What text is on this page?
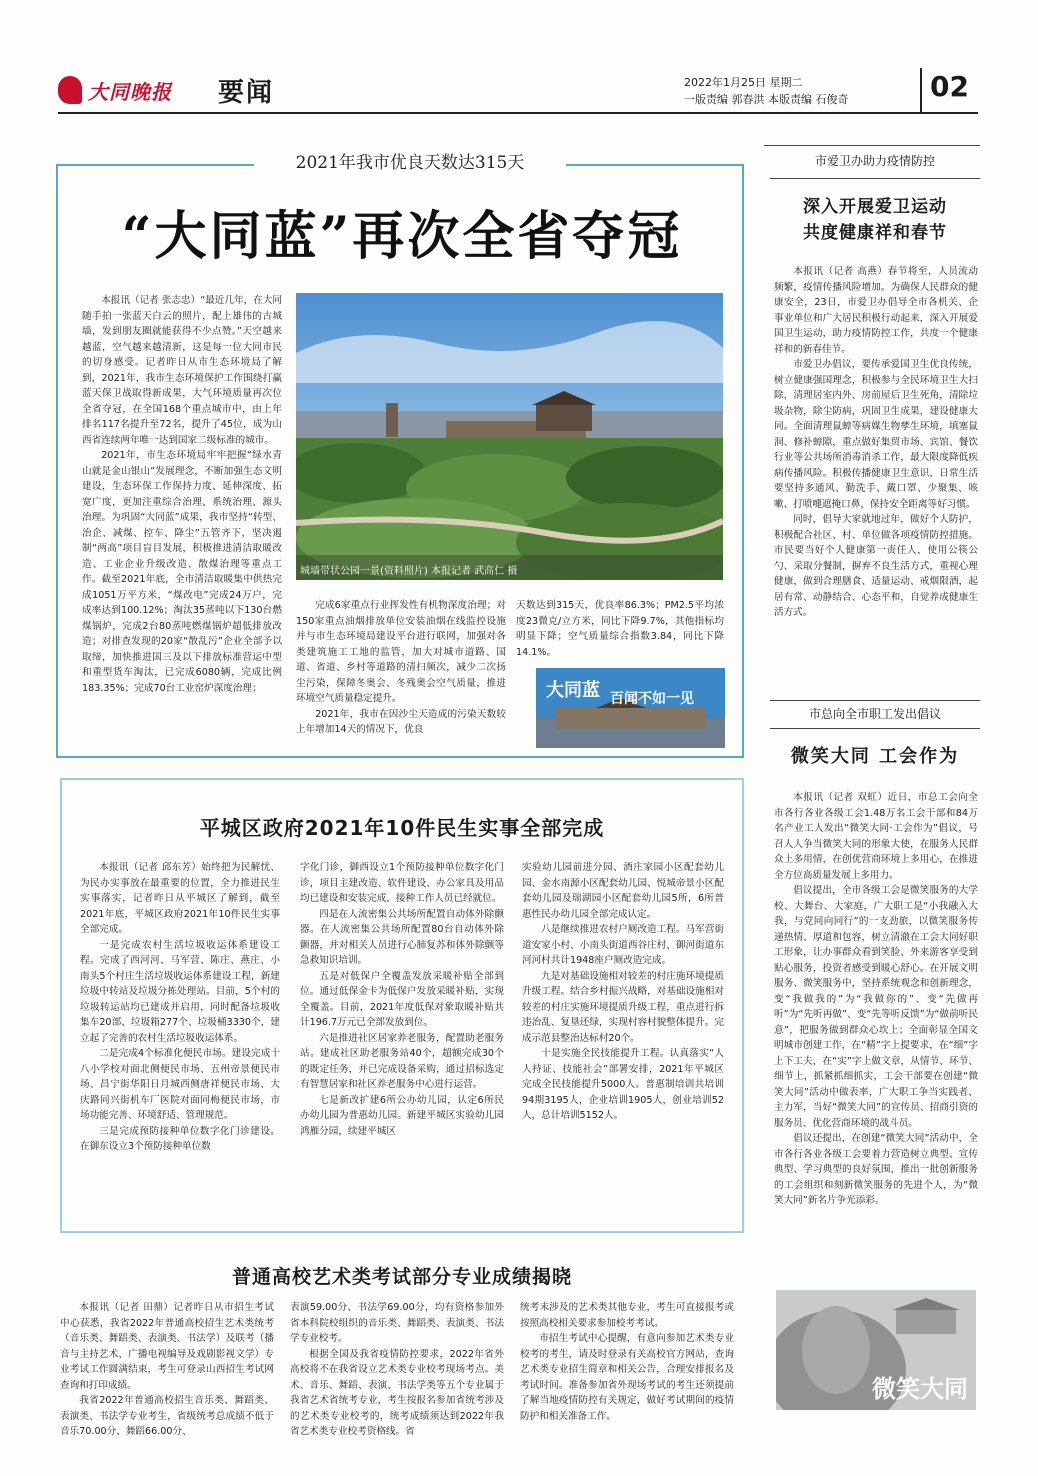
大同晚报 要闻	2022年1月25日 星期二
一版责编 郭春洪 本版责编 石俊奇	02
2021年我市优良天数达315天
“大同蓝”再次全省夺冠

本报讯（记者 张志忠）“最近几年，在大同随手拍一张蓝天白云的照片，配上雄伟的古城墙，发到朋友圈就能获得不少点赞。”天空越来越蓝，空气越来越清新，这是每一位大同市民的切身感受。记者昨日从市生态环境局了解到，2021年，我市生态环境保护工作围绕打赢蓝天保卫战取得新成果，大气环境质量再次位全省夺冠，在全国168个重点城市中，由上年排名117名提升至72名，提升了45位，成为山西省连续两年唯一达到国家二级标准的城市。

2021年，市生态环境局牢牢把握“绿水青山就是金山银山”发展理念，不断加强生态文明建设，生态环保工作保持力度、延伸深度、拓宽广度，更加注重综合治理、系统治理、源头治理。为巩固“大同蓝”成果，我市坚持“转型、治企、减煤、控车、降尘”五管齐下，坚决遏制“两高”项目盲目发展，积极推进清洁取暖改造、工业企业升级改造、散煤治理等重点工作。截至2021年底，全市清洁取暖集中供热完成1051万平方米，“煤改电”完成24万户，完成率达到100.12%；淘汰35蒸吨以下130台燃煤锅炉，完成2台80蒸吨燃煤锅炉超低排放改造；对排查发现的20家“散乱污”企业全部予以取缔，加快推进国三及以下排放标准营运中型和重型货车淘汰，已完成6080辆，完成比例183.35%；完成70台工业窑炉深度治理；

城墙带状公园一景(资料照片) 本报记者 武高仁 摄

完成6家重点行业挥发性有机物深度治理；对150家重点油烟排放单位安装油烟在线监控设施并与市生态环境局建设平台进行联网，加强对各类建筑施工工地的监管，加大对城市道路、国道、省道、乡村等道路的清扫频次，减少二次扬尘污染，保障冬奥会、冬残奥会空气质量，推进环境空气质量稳定提升。

2021年，我市在因沙尘天造成的污染天数较上年增加14天的情况下，优良

天数达到315天，优良率86.3%；PM2.5平均浓度23微克/立方米，同比下降9.7%，其他指标均明显下降；空气质量综合指数3.84，同比下降14.1%。

大同蓝 百闻不如一见
平城区政府2021年10件民生实事全部完成

本报讯（记者 邱东芳）始终把为民解忧、为民办实事放在最重要的位置，全力推进民生实事落实，记者昨日从平城区了解到，截至2021年底，平城区政府2021年10件民生实事全部完成。

一是完成农村生活垃圾收运体系建设工程。完成了西河河、马军营、陈庄、燕庄、小南头5个村庄生活垃圾收运体系建设工程，新建垃圾中转站及垃圾分拣处理站。目前，5个村的垃圾转运站均已建成并启用，同时配备垃圾收集车20部、垃圾箱277个、垃圾桶3330个，建立起了完善的农村生活垃圾收运体系。

二是完成4个标准化便民市场。建设完成十八小学校对面北侧便民市场、五州帝景便民市场、昌宁街华阳日月城西侧唐祥便民市场、大庆路同兴街机车厂医院对面同梅便民市场，市场功能完善、环境舒适、管理规范。

三是完成预防接种单位数字化门诊建设。在御东设立3个预防接种单位数

字化门诊，御西设立1个预防接种单位数字化门诊，项目主建改造、软件建设、办公家具及用品均已建设和安装完成，接种工作人员已经就位。

四是在人流密集公共场所配置自动体外除颤器。在人流密集公共场所配置80台自动体外除颤器，并对相关人员进行心肺复苏和体外除颤等急救知识培训。

五是对低保户全覆盖发放采暖补贴全部到位。通过低保金卡为低保户发放采暖补贴，实现全覆盖。目前，2021年度低保对象取暖补贴共计196.7万元已全部发放到位。

六是推进社区居家养老服务，配置助老服务站。建成社区助老服务站40个，超额完成30个的既定任务，并已完成设备采购，通过招标选定有智慧居家和社区养老服务中心进行运营。

七是新改扩建6所公办幼儿园，认定6所民办幼儿园为普惠幼儿园。新建平城区实验幼儿园鸿雁分园，续建平城区

实验幼儿园前进分园、酒庄家园小区配套幼儿园、金水南源小区配套幼儿园、悦城帝景小区配套幼儿园及瑞湖园小区配套幼儿园5所，6所普惠性民办幼儿园全部完成认定。

八是继续推进农村户厕改造工程。马军营街道安家小村、小南头街道西谷庄村、御河街道东河河村共计1948座户厕改造完成。

九是对基础设施相对较差的村庄施环境提质升级工程。结合乡村振兴战略，对基础设施相对较差的村庄实施环境提质升级工程，重点进行拆违治乱、复垦还绿，实现村容村貌整体提升。完成示范县整治达标村20个。

十是实施全民技能提升工程。认真落实“人人持证、技能社会”部署安排，2021年平城区完成全民技能提升5000人。普惠制培训共培训94期3195人，企业培训1905人，创业培训52人，总计培训5152人。

普通高校艺术类考试部分专业成绩揭晓

本报讯（记者 田鼎）记者昨日从市招生考试中心获悉，我省2022年普通高校招生艺术类统考（音乐类、舞蹈类、表演类、书法学）及联考（播音与主持艺术、广播电视编导及戏剧影视文学）专业考试工作圆满结束，考生可登录山西招生考试网查询和打印成绩。

我省2022年普通高校招生音乐类、舞蹈类、表演类、书法学专业考生，省级统考总成绩不低于音乐70.00分、舞蹈66.00分、

表演59.00分、书法学69.00分，均有资格参加外省本科院校组织的音乐类、舞蹈类、表演类、书法学专业校考。

根据全国及我省疫情防控要求，2022年省外高校将不在我省设立艺术类专业校考现场考点。美术、音乐、舞蹈、表演、书法学类等五个专业属于我省艺术省统考专业，考生按报名参加省统考涉及的艺术类专业校考的，统考成绩须达到2022年我省艺术类专业校考资格线。省

统考未涉及的艺术类其他专业，考生可直接报考或按照高校相关要求参加校考考试。

市招生考试中心提醒，有意向参加艺术类专业校考的考生，请及时登录有关高校官方网站，查询艺术类专业招生简章和相关公告，合理安排报名及考试时间。准备参加省外现场考试的考生还须提前了解当地疫情防控有关规定，做好考试期间的疫情防护和相关准备工作。

市爱卫办助力疫情防控
深入开展爱卫运动
共度健康祥和春节

本报讯（记者 高燕）春节将至，人员流动频繁，疫情传播风险增加。为确保人民群众的健康安全，23日，市爱卫办倡导全市各机关、企事业单位和广大居民积极行动起来，深入开展爱国卫生运动，助力疫情防控工作，共度一个健康祥和的新春佳节。

市爱卫办倡议，要传承爱国卫生优良传统，树立健康强国理念，积极参与全民环境卫生大扫除，清理居室内外、房前屋后卫生死角，清除垃圾杂物，除尘防病，巩固卫生成果，建设健康大同。全面清理鼠蟑等病媒生物孳生环境，填塞鼠洞、修补蟑隙，重点做好集贸市场、宾馆、餐饮行业等公共场所消毒消杀工作，最大限度降低疾病传播风险。积极传播健康卫生意识，日常生活要坚持多通风、勤洗手、戴口罩、少聚集、咳嗽、打喷嚏遮掩口鼻，保持安全距离等好习惯。

同时，倡导大家就地过年，做好个人防护，积极配合社区、村、单位做各项疫情防控措施。市民要当好个人健康第一责任人，使用公筷公勺、采取分餐制，摒弃不良生活方式，重视心理健康，做到合理膳食、适量运动、戒烟限酒，起居有常、动静结合、心态平和，自觉养成健康生活方式。

市总向全市职工发出倡议
微笑大同 工会作为

本报讯（记者 双虹）近日，市总工会向全市各行各业各级工会1.48万名工会干部和84万名产业工人发出“微笑大同·工会作为”倡议，号召人人争当微笑大同的形象大使，在服务人民群众上多用情，在创优营商环境上多用心，在推进全方位高质量发展上多用力。

倡议提出，全市各级工会是微笑服务的大学校、大舞台、大家庭，广大职工是“小我融入大我，与党同向同行”的一支劲旅，以微笑服务传递热情、厚道和包容，树立清澈在工会大同好职工形象，让办事群众看到笑脸、外来游客享受到贴心服务，投资者感受到暖心舒心。在开展文明服务、微笑服务中，坚持系统观念和创新理念，变“我做我的”为“我做你的”、变“先做再听”为“先听再做”、变“先等听反馈”为“做前听民意”，把服务做到群众心坎上；全面彰显全国文明城市创建工作，在“精”字上提要求，在“细”字上下工夫，在“实”字上做文章，从情节、环节、细节上，抓紧抓细抓实，工会干部要在创建“微笑大同”活动中做表率，广大职工争当实践者、主力军，当好“微笑大同”的宣传员、招商引资的服务员、优化营商环境的战斗员。

倡议还提出，在创建“微笑大同”活动中，全市各行各业各级工会要着力营造树立典型、宣传典型、学习典型的良好氛围，推出一批创新服务的工会组织和刻新微笑服务的先进个人，为“微笑大同”新名片争光添彩。

微笑大同
